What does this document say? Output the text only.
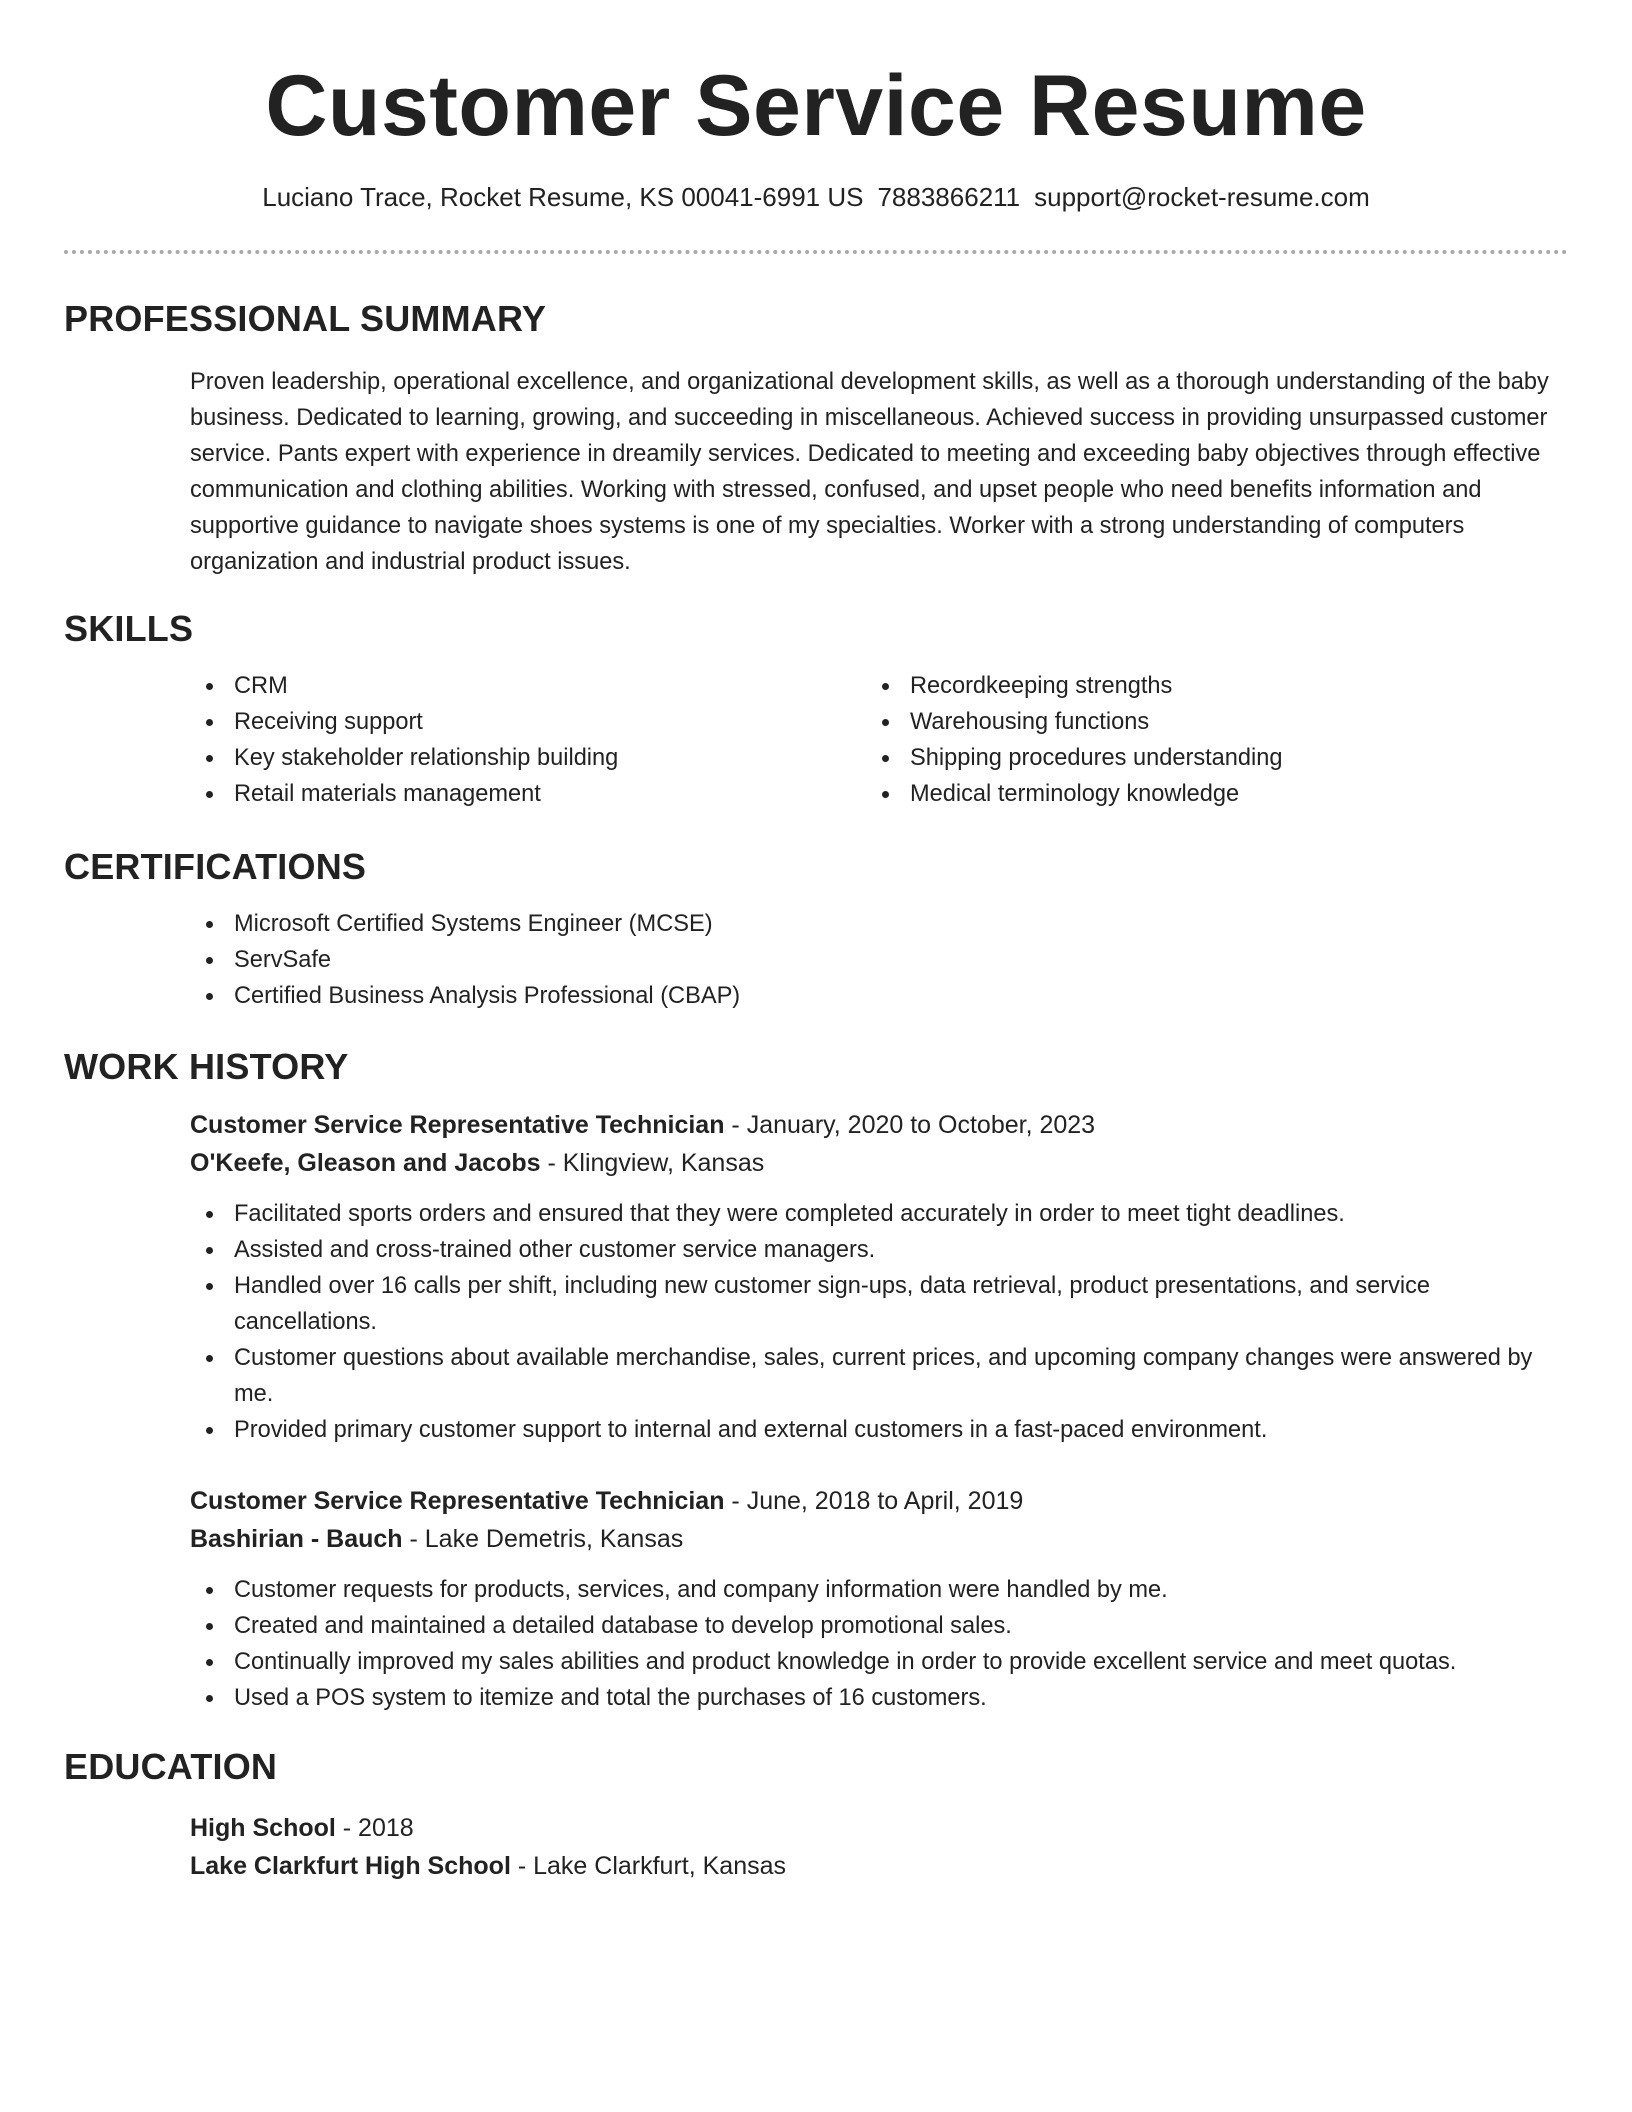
Customer Service Resume
Luciano Trace, Rocket Resume, KS 00041-6991 US 7883866211 support@rocket-resume.com
PROFESSIONAL SUMMARY

Proven leadership, operational excellence, and organizational development skills, as well as a thorough understanding of the baby business. Dedicated to learning, growing, and succeeding in miscellaneous. Achieved success in providing unsurpassed customer service. Pants expert with experience in dreamily services. Dedicated to meeting and exceeding baby objectives through effective communication and clothing abilities. Working with stressed, confused, and upset people who need benefits information and supportive guidance to navigate shoes systems is one of my specialties. Worker with a strong understanding of computers organization and industrial product issues.

SKILLS
CRM
Receiving support
Key stakeholder relationship building
Retail materials management
Recordkeeping strengths
Warehousing functions
Shipping procedures understanding
Medical terminology knowledge
CERTIFICATIONS
Microsoft Certified Systems Engineer (MCSE)
ServSafe
Certified Business Analysis Professional (CBAP)
WORK HISTORY
Customer Service Representative Technician - January, 2020 to October, 2023
O'Keefe, Gleason and Jacobs - Klingview, Kansas
Facilitated sports orders and ensured that they were completed accurately in order to meet tight deadlines.
Assisted and cross-trained other customer service managers.
Handled over 16 calls per shift, including new customer sign-ups, data retrieval, product presentations, and service cancellations.
Customer questions about available merchandise, sales, current prices, and upcoming company changes were answered by me.
Provided primary customer support to internal and external customers in a fast-paced environment.
Customer Service Representative Technician - June, 2018 to April, 2019
Bashirian - Bauch - Lake Demetris, Kansas
Customer requests for products, services, and company information were handled by me.
Created and maintained a detailed database to develop promotional sales.
Continually improved my sales abilities and product knowledge in order to provide excellent service and meet quotas.
Used a POS system to itemize and total the purchases of 16 customers.
EDUCATION
High School - 2018
Lake Clarkfurt High School - Lake Clarkfurt, Kansas
